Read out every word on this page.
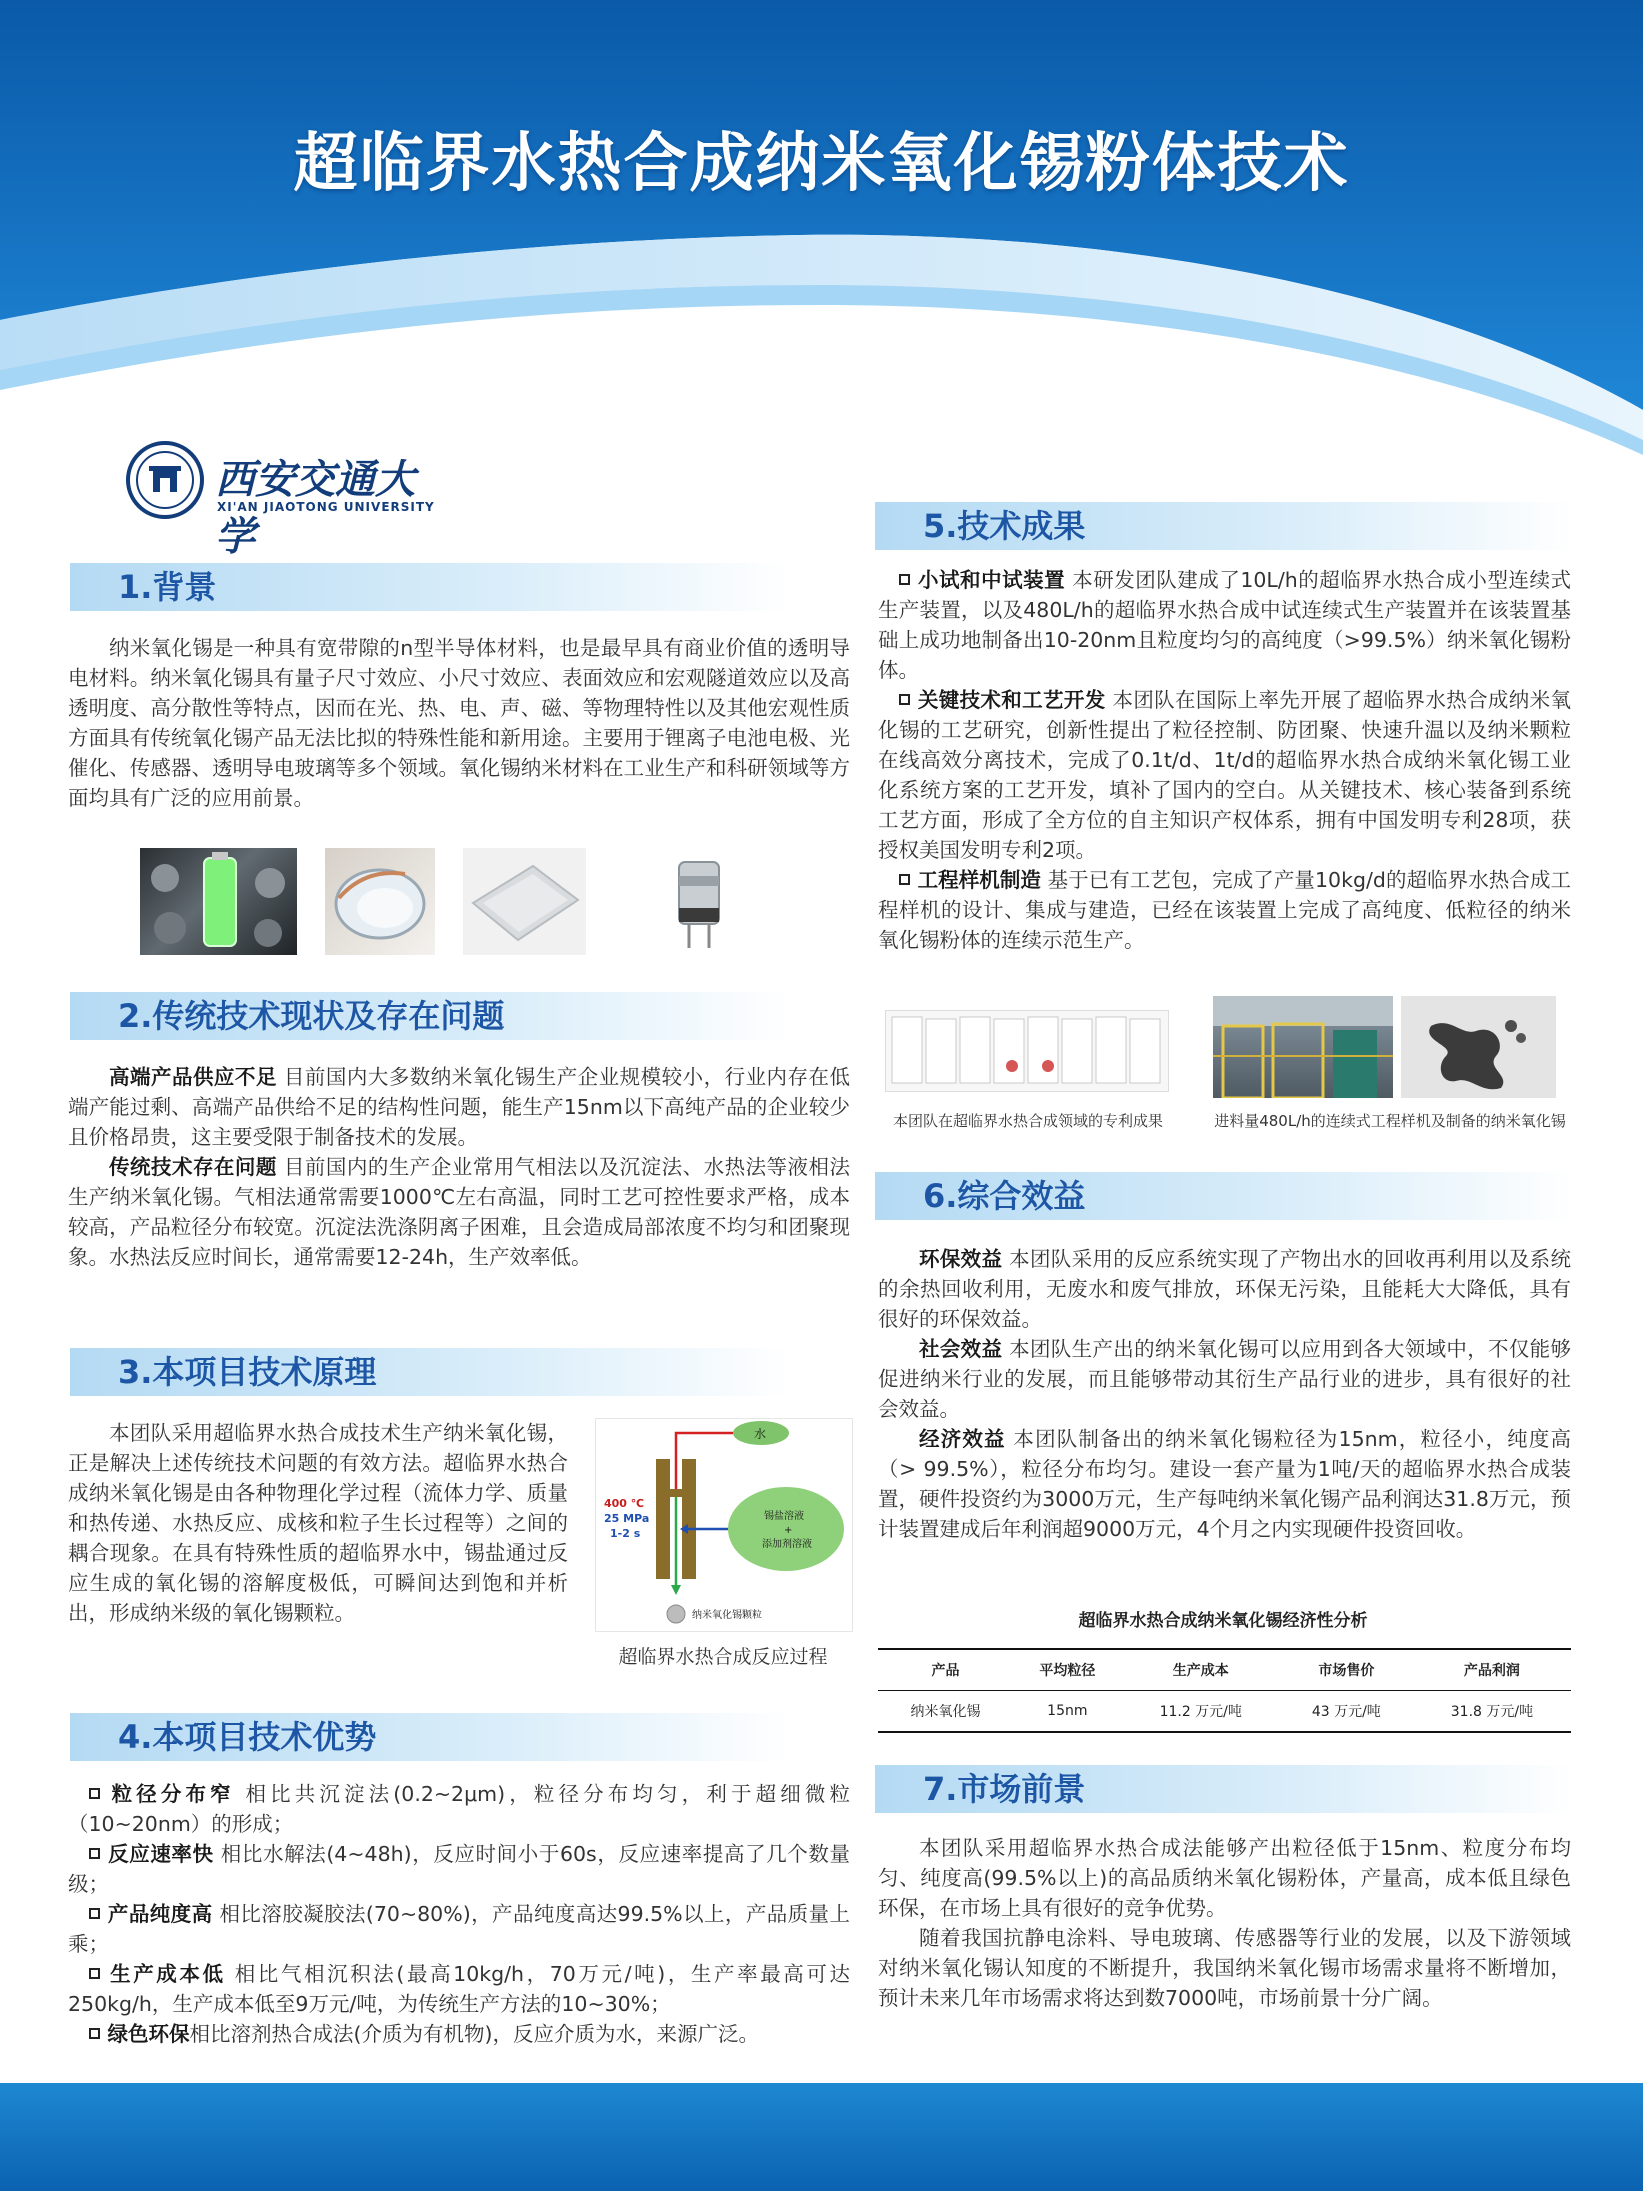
超临界水热合成纳米氧化锡粉体技术
西安交通大学
XI'AN JIAOTONG UNIVERSITY
1.背景

纳米氧化锡是一种具有宽带隙的n型半导体材料，也是最早具有商业价值的透明导电材料。纳米氧化锡具有量子尺寸效应、小尺寸效应、表面效应和宏观隧道效应以及高透明度、高分散性等特点，因而在光、热、电、声、磁、等物理特性以及其他宏观性质方面具有传统氧化锡产品无法比拟的特殊性能和新用途。主要用于锂离子电池电极、光催化、传感器、透明导电玻璃等多个领域。氧化锡纳米材料在工业生产和科研领域等方面均具有广泛的应用前景。

2.传统技术现状及存在问题

高端产品供应不足 目前国内大多数纳米氧化锡生产企业规模较小，行业内存在低端产能过剩、高端产品供给不足的结构性问题，能生产15nm以下高纯产品的企业较少且价格昂贵，这主要受限于制备技术的发展。

传统技术存在问题 目前国内的生产企业常用气相法以及沉淀法、水热法等液相法生产纳米氧化锡。气相法通常需要1000℃左右高温，同时工艺可控性要求严格，成本较高，产品粒径分布较宽。沉淀法洗涤阴离子困难，且会造成局部浓度不均匀和团聚现象。水热法反应时间长，通常需要12-24h，生产效率低。

3.本项目技术原理

本团队采用超临界水热合成技术生产纳米氧化锡，正是解决上述传统技术问题的有效方法。超临界水热合成纳米氧化锡是由各种物理化学过程（流体力学、质量和热传递、水热反应、成核和粒子生长过程等）之间的耦合现象。在具有特殊性质的超临界水中，锡盐通过反应生成的氧化锡的溶解度极低，可瞬间达到饱和并析出，形成纳米级的氧化锡颗粒。

水
400 ℃
25 MPa
1-2 s
锡盐溶液
+
添加剂溶液
纳米氧化锡颗粒
超临界水热合成反应过程
4.本项目技术优势

粒径分布窄 相比共沉淀法(0.2~2μm)，粒径分布均匀，利于超细微粒（10~20nm）的形成；

反应速率快 相比水解法(4~48h)，反应时间小于60s，反应速率提高了几个数量级；

产品纯度高 相比溶胶凝胶法(70~80%)，产品纯度高达99.5%以上，产品质量上乘；

生产成本低 相比气相沉积法(最高10kg/h，70万元/吨)，生产率最高可达250kg/h，生产成本低至9万元/吨，为传统生产方法的10~30%；

绿色环保相比溶剂热合成法(介质为有机物)，反应介质为水，来源广泛。

5.技术成果

小试和中试装置 本研发团队建成了10L/h的超临界水热合成小型连续式生产装置，以及480L/h的超临界水热合成中试连续式生产装置并在该装置基础上成功地制备出10-20nm且粒度均匀的高纯度（>99.5%）纳米氧化锡粉体。

关键技术和工艺开发 本团队在国际上率先开展了超临界水热合成纳米氧化锡的工艺研究，创新性提出了粒径控制、防团聚、快速升温以及纳米颗粒在线高效分离技术，完成了0.1t/d、1t/d的超临界水热合成纳米氧化锡工业化系统方案的工艺开发，填补了国内的空白。从关键技术、核心装备到系统工艺方面，形成了全方位的自主知识产权体系，拥有中国发明专利28项，获授权美国发明专利2项。

工程样机制造 基于已有工艺包，完成了产量10kg/d的超临界水热合成工程样机的设计、集成与建造，已经在该装置上完成了高纯度、低粒径的纳米氧化锡粉体的连续示范生产。

本团队在超临界水热合成领域的专利成果	进料量480L/h的连续式工程样机及制备的纳米氧化锡
6.综合效益

环保效益 本团队采用的反应系统实现了产物出水的回收再利用以及系统的余热回收利用，无废水和废气排放，环保无污染，且能耗大大降低，具有很好的环保效益。

社会效益 本团队生产出的纳米氧化锡可以应用到各大领域中，不仅能够促进纳米行业的发展，而且能够带动其衍生产品行业的进步，具有很好的社会效益。

经济效益 本团队制备出的纳米氧化锡粒径为15nm，粒径小，纯度高（> 99.5%），粒径分布均匀。建设一套产量为1吨/天的超临界水热合成装置，硬件投资约为3000万元，生产每吨纳米氧化锡产品利润达31.8万元，预计装置建成后年利润超9000万元，4个月之内实现硬件投资回收。

超临界水热合成纳米氧化锡经济性分析
产品	平均粒径	生产成本	市场售价	产品利润
纳米氧化锡	15nm	11.2 万元/吨	43 万元/吨	31.8 万元/吨
7.市场前景

本团队采用超临界水热合成法能够产出粒径低于15nm、粒度分布均匀、纯度高(99.5%以上)的高品质纳米氧化锡粉体，产量高，成本低且绿色环保，在市场上具有很好的竞争优势。

随着我国抗静电涂料、导电玻璃、传感器等行业的发展，以及下游领域对纳米氧化锡认知度的不断提升，我国纳米氧化锡市场需求量将不断增加，预计未来几年市场需求将达到数7000吨，市场前景十分广阔。
